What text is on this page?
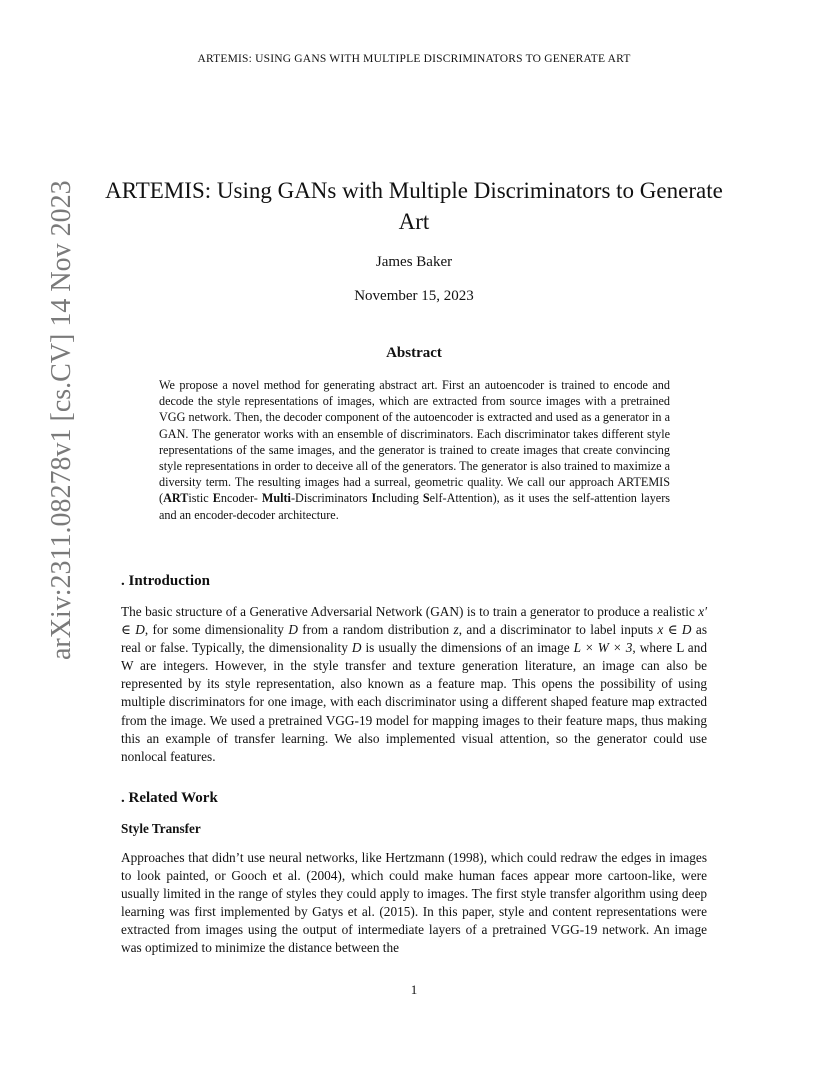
ARTEMIS: USING GANS WITH MULTIPLE DISCRIMINATORS TO GENERATE ART
arXiv:2311.08278v1 [cs.CV] 14 Nov 2023	ARTEMIS: Using GANs with Multiple Discriminators to Generate Art
James Baker
November 15, 2023
Abstract

We propose a novel method for generating abstract art. First an autoencoder is trained to encode and decode the style representations of images, which are extracted from source images with a pretrained VGG network. Then, the decoder component of the autoencoder is extracted and used as a generator in a GAN. The generator works with an ensemble of discriminators. Each discriminator takes different style representations of the same images, and the generator is trained to create images that create convincing style representations in order to deceive all of the generators. The generator is also trained to maximize a diversity term. The resulting images had a surreal, geometric quality. We call our approach ARTEMIS (ARTistic Encoder- Multi-Discriminators Including Self-Attention), as it uses the self-attention layers and an encoder-decoder architecture.

. Introduction

The basic structure of a Generative Adversarial Network (GAN) is to train a generator to produce a realistic x′ ∈ D, for some dimensionality D from a random distribution z, and a discriminator to label inputs x ∈ D as real or false. Typically, the dimensionality D is usually the dimensions of an image L × W × 3, where L and W are integers. However, in the style transfer and texture generation literature, an image can also be represented by its style representation, also known as a feature map. This opens the possibility of using multiple discriminators for one image, with each discriminator using a different shaped feature map extracted from the image. We used a pretrained VGG-19 model for mapping images to their feature maps, thus making this an example of transfer learning. We also implemented visual attention, so the generator could use nonlocal features.

. Related Work
Style Transfer

Approaches that didn’t use neural networks, like Hertzmann (1998), which could redraw the edges in images to look painted, or Gooch et al. (2004), which could make human faces appear more cartoon-like, were usually limited in the range of styles they could apply to images. The first style transfer algorithm using deep learning was first implemented by Gatys et al. (2015). In this paper, style and content representations were extracted from images using the output of intermediate layers of a pretrained VGG-19 network. An image was optimized to minimize the distance between the

1
